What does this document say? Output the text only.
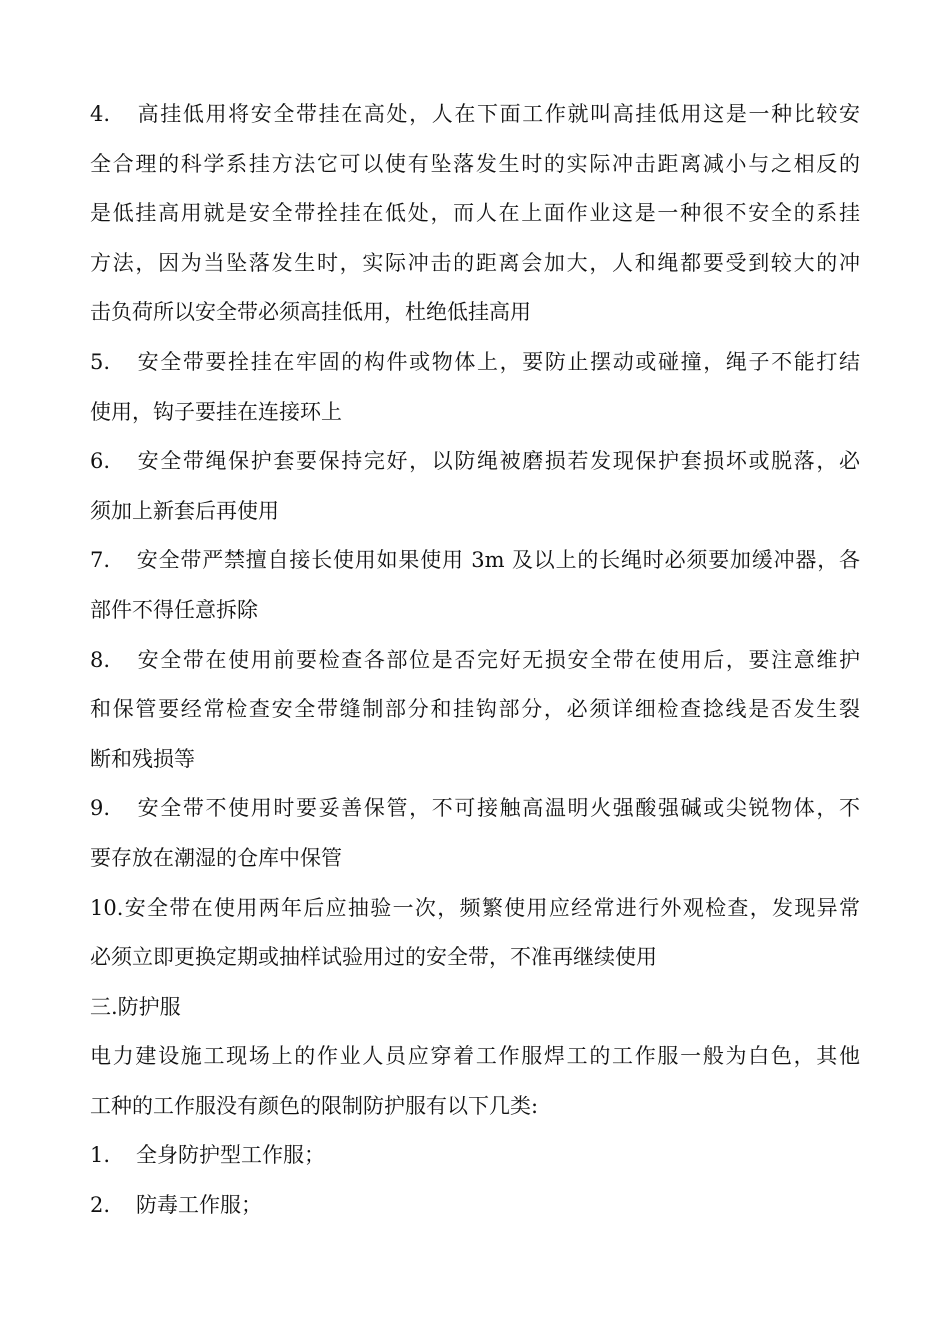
4. 高挂低用将安全带挂在高处，人在下面工作就叫高挂低用这是一种比较安
全合理的科学系挂方法它可以使有坠落发生时的实际冲击距离减小与之相反的
是低挂高用就是安全带拴挂在低处，而人在上面作业这是一种很不安全的系挂
方法，因为当坠落发生时，实际冲击的距离会加大，人和绳都要受到较大的冲
击负荷所以安全带必须高挂低用，杜绝低挂高用
5. 安全带要拴挂在牢固的构件或物体上，要防止摆动或碰撞，绳子不能打结
使用，钩子要挂在连接环上
6. 安全带绳保护套要保持完好，以防绳被磨损若发现保护套损坏或脱落，必
须加上新套后再使用
7. 安全带严禁擅自接长使用如果使用 3m 及以上的长绳时必须要加缓冲器，各
部件不得任意拆除
8. 安全带在使用前要检查各部位是否完好无损安全带在使用后，要注意维护
和保管要经常检查安全带缝制部分和挂钩部分，必须详细检查捻线是否发生裂
断和残损等
9. 安全带不使用时要妥善保管，不可接触高温明火强酸强碱或尖锐物体，不
要存放在潮湿的仓库中保管
10.安全带在使用两年后应抽验一次，频繁使用应经常进行外观检查，发现异常
必须立即更换定期或抽样试验用过的安全带，不准再继续使用
三.防护服
电力建设施工现场上的作业人员应穿着工作服焊工的工作服一般为白色，其他
工种的工作服没有颜色的限制防护服有以下几类:
1. 全身防护型工作服；
2. 防毒工作服；
